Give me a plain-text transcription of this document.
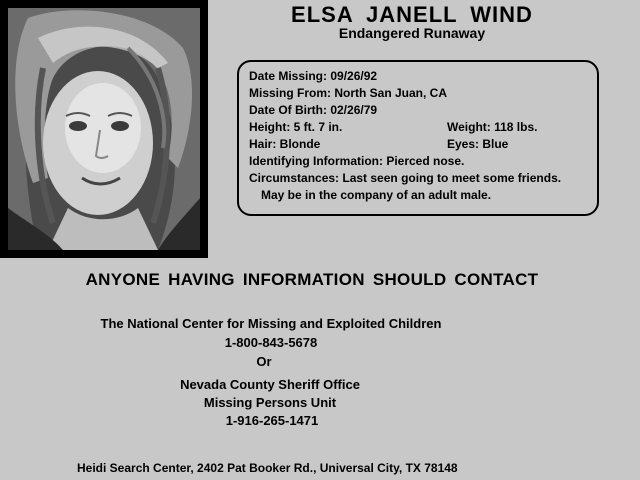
ELSA JANELL WIND
Endangered Runaway
Date Missing: 09/26/92
Missing From: North San Juan, CA
Date Of Birth: 02/26/79
Height: 5 ft. 7 in.	Weight: 118 lbs.
Hair: Blonde	Eyes: Blue
Identifying Information: Pierced nose.
Circumstances: Last seen going to meet some friends.
May be in the company of an adult male.
ANYONE HAVING INFORMATION SHOULD CONTACT
The National Center for Missing and Exploited Children
1-800-843-5678
Or
Nevada County Sheriff Office
Missing Persons Unit
1-916-265-1471
Heidi Search Center, 2402 Pat Booker Rd., Universal City, TX 78148
